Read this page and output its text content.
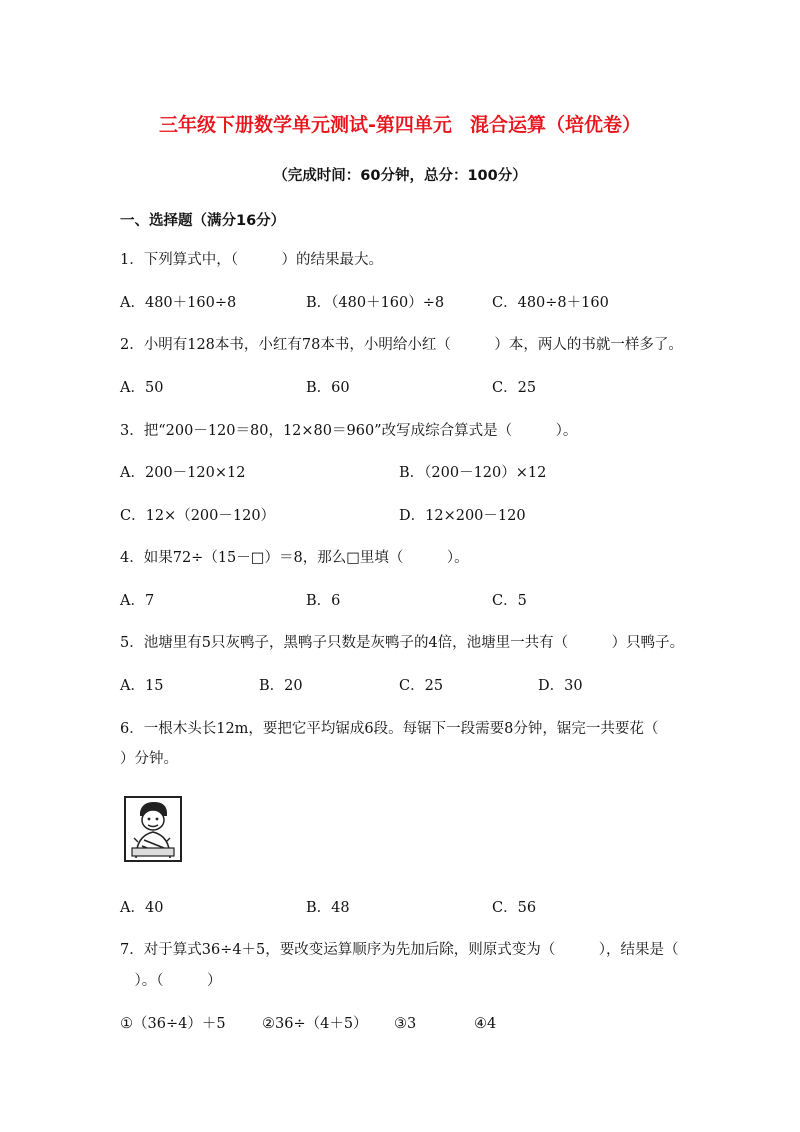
三年级下册数学单元测试-第四单元 混合运算（培优卷）
（完成时间：60分钟，总分：100分）
一、选择题（满分16分）
1．下列算式中，（　　　）的结果最大。
A．480＋160÷8	B．（480＋160）÷8	C．480÷8＋160
2．小明有128本书，小红有78本书，小明给小红（　　　）本，两人的书就一样多了。
A．50	B．60	C．25
3．把“200－120＝80，12×80＝960”改写成综合算式是（　　　）。
A．200－120×12	B．（200－120）×12
C．12×（200－120）	D．12×200－120
4．如果72÷（15－□）＝8，那么□里填（　　　）。
A．7	B．6	C．5
5．池塘里有5只灰鸭子，黑鸭子只数是灰鸭子的4倍，池塘里一共有（　　　）只鸭子。
A．15	B．20	C．25	D．30
6．一根木头长12m，要把它平均锯成6段。每锯下一段需要8分钟，锯完一共要花（
）分钟。
A．40	B．48	C．56
7．对于算式36÷4＋5，要改变运算顺序为先加后除，则原式变为（　　　），结果是（
　）。（　　　）
①（36÷4）＋5	②36÷（4＋5） ③3	④4
